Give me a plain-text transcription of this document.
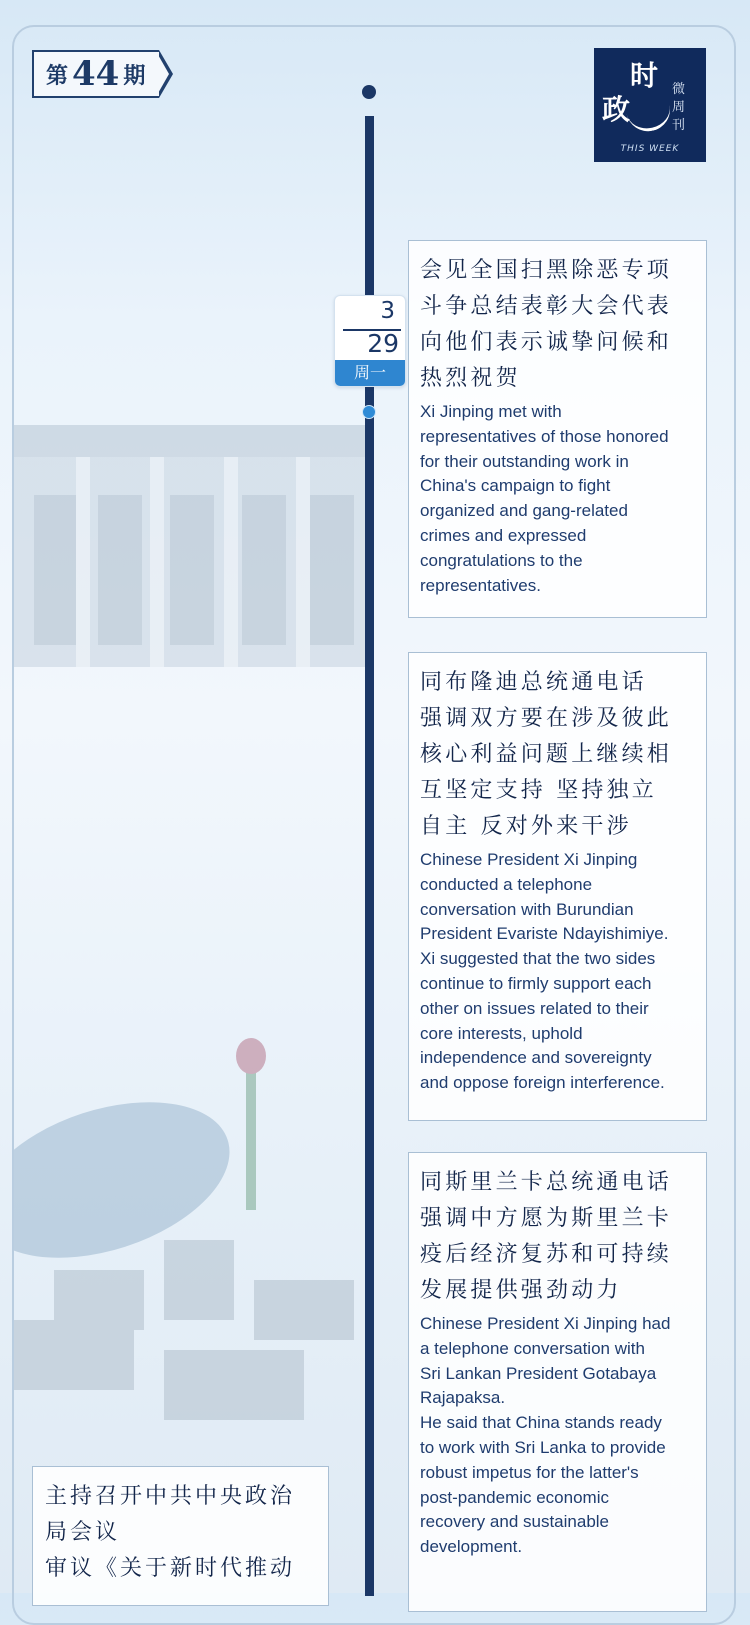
第 44 期	时
政
微
周
刊
THIS WEEK
3
29
周一

会见全国扫黑除恶专项
斗争总结表彰大会代表
向他们表示诚挚问候和
热烈祝贺

Xi Jinping met with
representatives of those honored
for their outstanding work in
China's campaign to fight
organized and gang-related
crimes and expressed
congratulations to the
representatives.

同布隆迪总统通电话
强调双方要在涉及彼此
核心利益问题上继续相
互坚定支持 坚持独立
自主 反对外来干涉

Chinese President Xi Jinping
conducted a telephone
conversation with Burundian
President Evariste Ndayishimiye.
Xi suggested that the two sides
continue to firmly support each
other on issues related to their
core interests, uphold
independence and sovereignty
and oppose foreign interference.

同斯里兰卡总统通电话
强调中方愿为斯里兰卡
疫后经济复苏和可持续
发展提供强劲动力

Chinese President Xi Jinping had
a telephone conversation with
Sri Lankan President Gotabaya
Rajapaksa.
He said that China stands ready
to work with Sri Lanka to provide
robust impetus for the latter's
post-pandemic economic
recovery and sustainable
development.

主持召开中共中央政治
局会议
审议《关于新时代推动
